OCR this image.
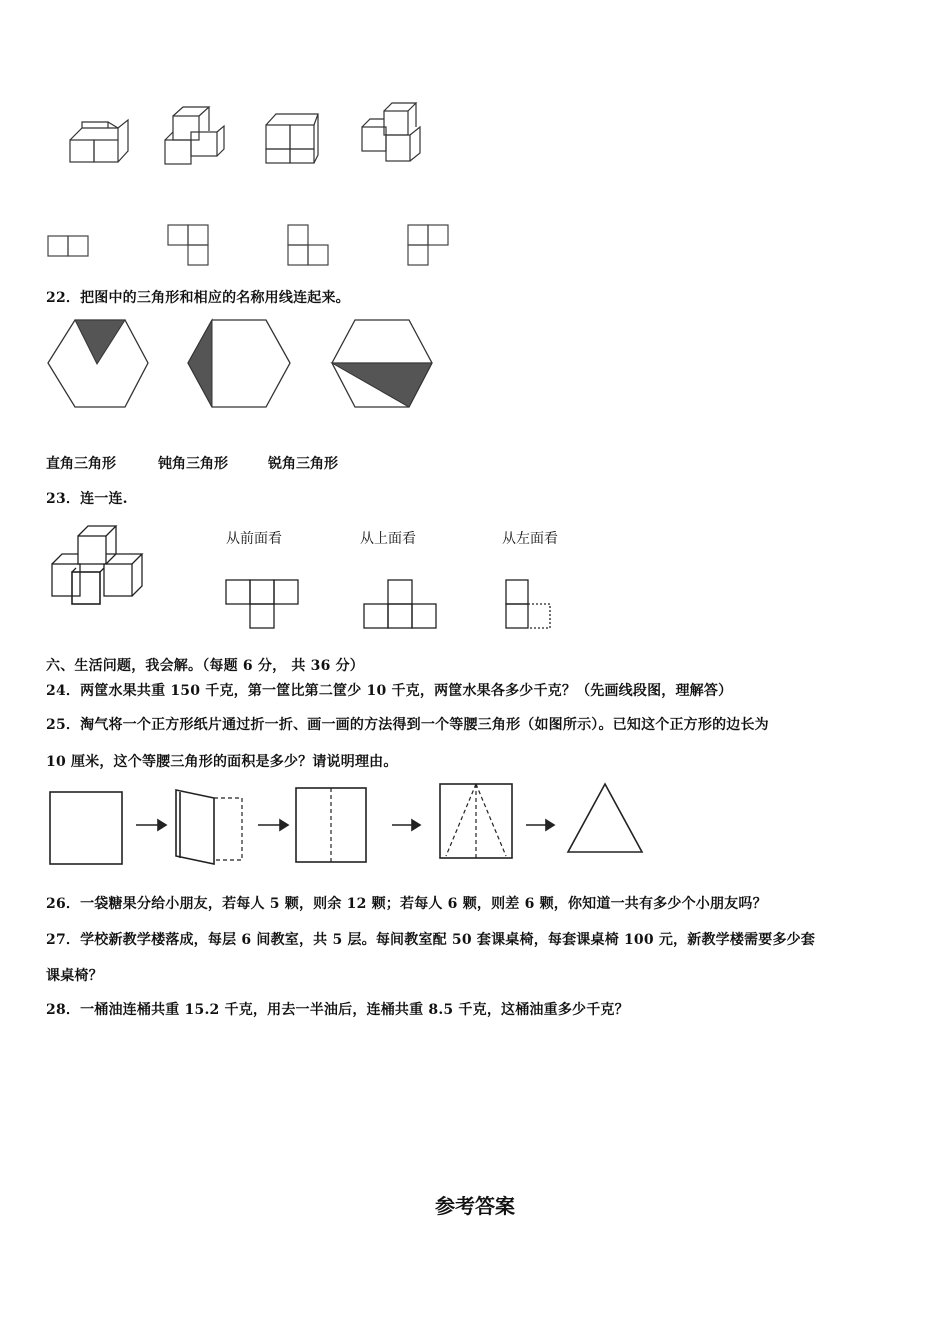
22．把图中的三角形和相应的名称用线连起来。
直角三角形	钝角三角形	锐角三角形
23．连一连.
从前面看	从上面看	从左面看
六、生活问题，我会解。（每题 6 分， 共 36 分）
24．两筐水果共重 150 千克，第一筐比第二筐少 10 千克，两筐水果各多少千克？（先画线段图，理解答）
25．淘气将一个正方形纸片通过折一折、画一画的方法得到一个等腰三角形（如图所示）。已知这个正方形的边长为
10 厘米，这个等腰三角形的面积是多少？请说明理由。
26．一袋糖果分给小朋友，若每人 5 颗，则余 12 颗；若每人 6 颗，则差 6 颗，你知道一共有多少个小朋友吗？
27．学校新教学楼落成，每层 6 间教室，共 5 层。每间教室配 50 套课桌椅，每套课桌椅 100 元，新教学楼需要多少套
课桌椅？
28．一桶油连桶共重 15.2 千克，用去一半油后，连桶共重 8.5 千克，这桶油重多少千克？
参考答案
